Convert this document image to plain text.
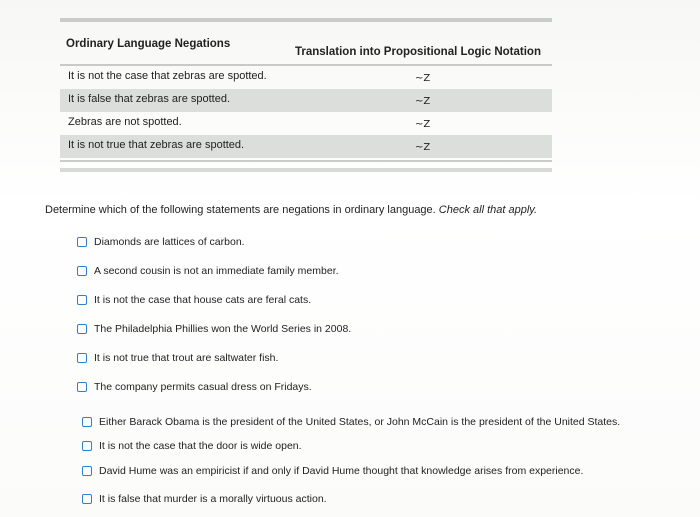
Ordinary Language Negations
Translation into Propositional Logic Notation
It is not the case that zebras are spotted.	~Z
It is false that zebras are spotted.	~Z
Zebras are not spotted.	~Z
It is not true that zebras are spotted.	~Z
Determine which of the following statements are negations in ordinary language. Check all that apply.
Diamonds are lattices of carbon.
A second cousin is not an immediate family member.
It is not the case that house cats are feral cats.
The Philadelphia Phillies won the World Series in 2008.
It is not true that trout are saltwater fish.
The company permits casual dress on Fridays.
Either Barack Obama is the president of the United States, or John McCain is the president of the United States.
It is not the case that the door is wide open.
David Hume was an empiricist if and only if David Hume thought that knowledge arises from experience.
It is false that murder is a morally virtuous action.
